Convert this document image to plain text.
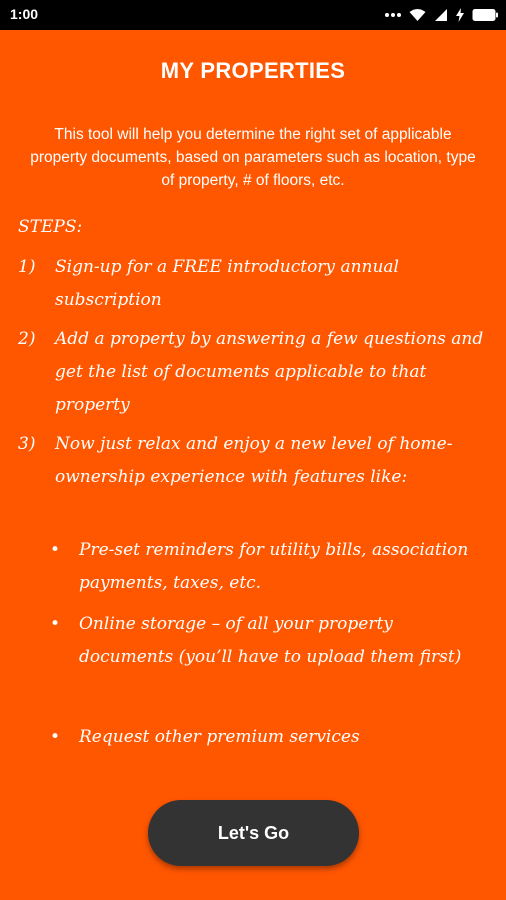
1:00
MY PROPERTIES
This tool will help you determine the right set of applicable property documents, based on parameters such as location, type of property, # of floors, etc.
STEPS:
1)	Sign-up for a FREE introductory annual subscription
2)	Add a property by answering a few questions and get the list of documents applicable to that property
3)	Now just relax and enjoy a new level of home-ownership experience with features like:
•	Pre-set reminders for utility bills, association payments, taxes, etc.
•	Online storage – of all your property documents (you’ll have to upload them first)
•	Request other premium services
Let's Go
